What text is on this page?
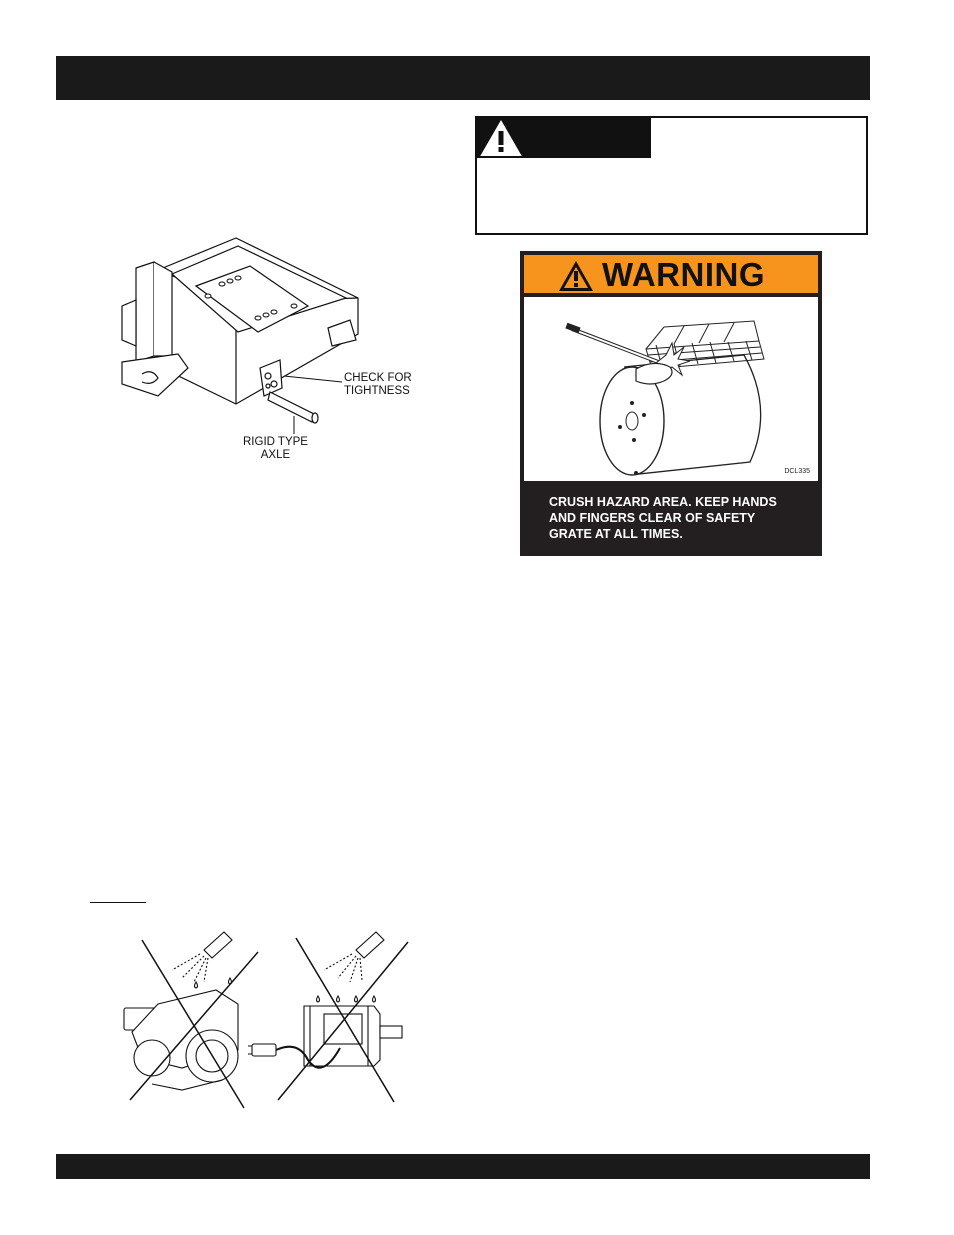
WARNING
DCL335
CRUSH HAZARD AREA. KEEP HANDS
AND FINGERS CLEAR OF SAFETY
GRATE AT ALL TIMES.
CHECK FOR
TIGHTNESS
RIGID TYPE
AXLE
